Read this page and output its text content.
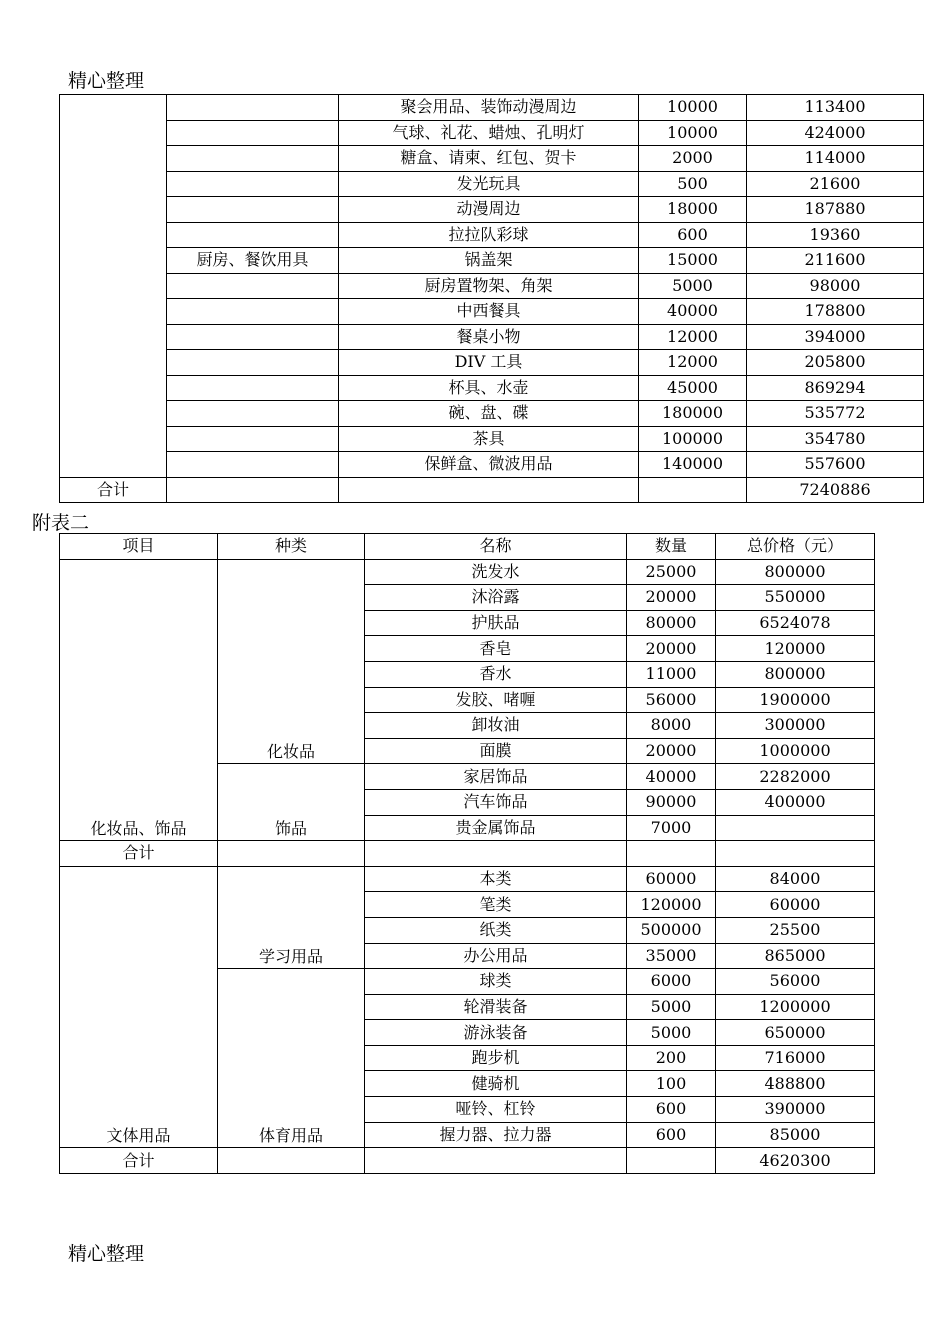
精心整理
		聚会用品、装饰动漫周边	10000	113400
		气球、礼花、蜡烛、孔明灯	10000	424000
		糖盒、请柬、红包、贺卡	2000	114000
		发光玩具	500	21600
		动漫周边	18000	187880
		拉拉队彩球	600	19360
	厨房、餐饮用具	锅盖架	15000	211600
		厨房置物架、角架	5000	98000
		中西餐具	40000	178800
		餐桌小物	12000	394000
		DIV 工具	12000	205800
		杯具、水壶	45000	869294
		碗、盘、碟	180000	535772
		茶具	100000	354780
		保鲜盒、微波用品	140000	557600
合计				7240886
附表二
项目	种类	名称	数量	总价格（元）
化妆品、饰品	化妆品	洗发水	25000	800000
		沐浴露	20000	550000
		护肤品	80000	6524078
		香皂	20000	120000
		香水	11000	800000
		发胶、啫喱	56000	1900000
		卸妆油	8000	300000
		面膜	20000	1000000
	饰品	家居饰品	40000	2282000
		汽车饰品	90000	400000
		贵金属饰品	7000	
合计				
文体用品	学习用品	本类	60000	84000
		笔类	120000	60000
		纸类	500000	25500
		办公用品	35000	865000
	体育用品	球类	6000	56000
		轮滑装备	5000	1200000
		游泳装备	5000	650000
		跑步机	200	716000
		健骑机	100	488800
		哑铃、杠铃	600	390000
		握力器、拉力器	600	85000
合计				4620300
精心整理
